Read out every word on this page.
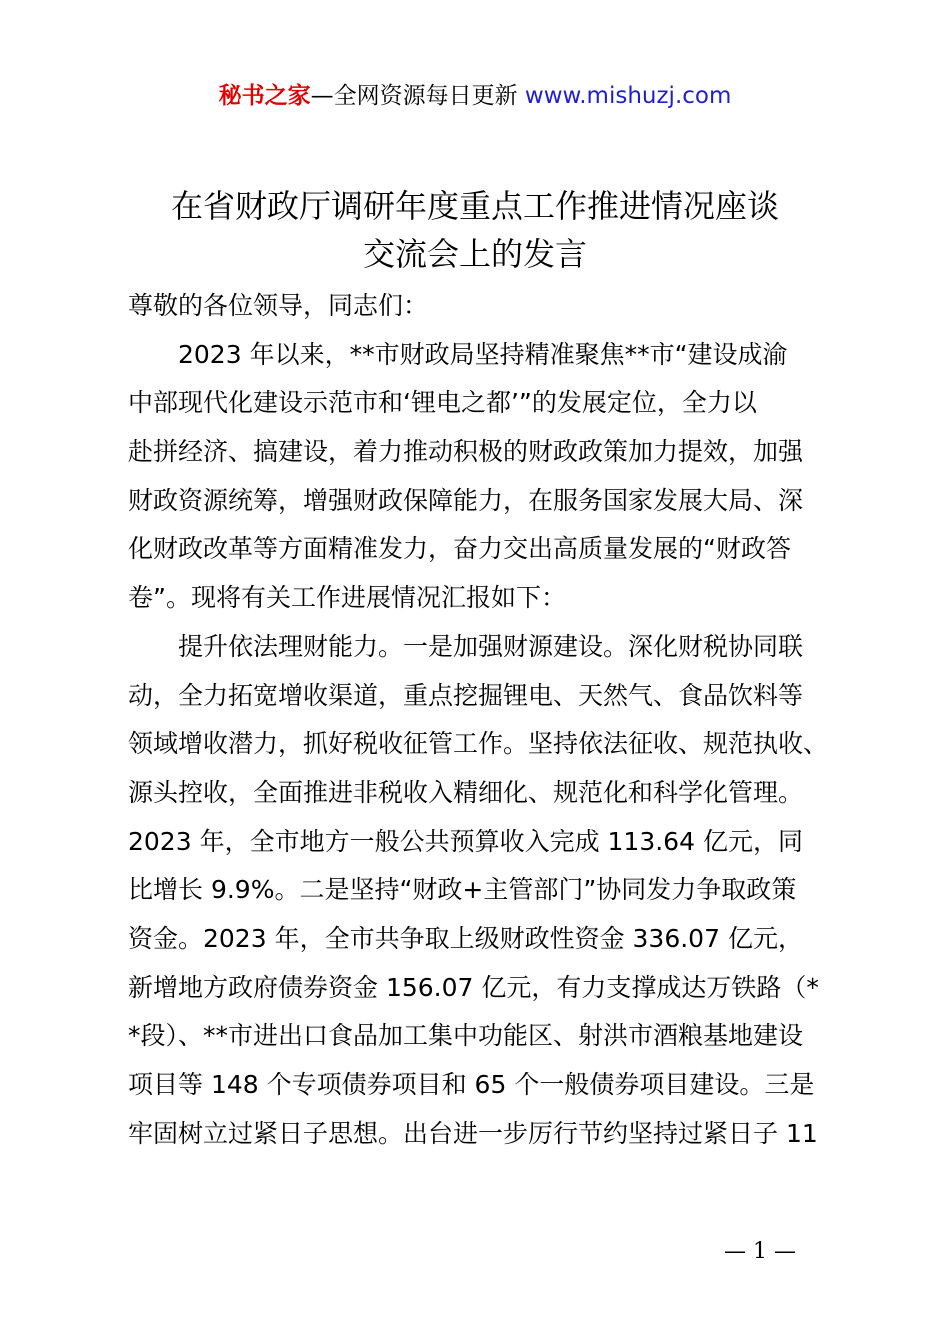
秘书之家—全网资源每日更新 www.mishuzj.com
在省财政厅调研年度重点工作推进情况座谈
交流会上的发言
尊敬的各位领导，同志们：
2023 年以来，**市财政局坚持精准聚焦**市“建设成渝
中部现代化建设示范市和‘锂电之都’”的发展定位，全力以
赴拼经济、搞建设，着力推动积极的财政政策加力提效，加强
财政资源统筹，增强财政保障能力，在服务国家发展大局、深
化财政改革等方面精准发力，奋力交出高质量发展的“财政答
卷”。现将有关工作进展情况汇报如下：
提升依法理财能力。一是加强财源建设。深化财税协同联
动，全力拓宽增收渠道，重点挖掘锂电、天然气、食品饮料等
领域增收潜力，抓好税收征管工作。坚持依法征收、规范执收、
源头控收，全面推进非税收入精细化、规范化和科学化管理。
2023 年，全市地方一般公共预算收入完成 113.64 亿元，同
比增长 9.9%。二是坚持“财政+主管部门”协同发力争取政策
资金。2023 年，全市共争取上级财政性资金 336.07 亿元，
新增地方政府债券资金 156.07 亿元，有力支撑成达万铁路（*
*段）、**市进出口食品加工集中功能区、射洪市酒粮基地建设
项目等 148 个专项债券项目和 65 个一般债券项目建设。三是
牢固树立过紧日子思想。出台进一步厉行节约坚持过紧日子 11
— 1 —
